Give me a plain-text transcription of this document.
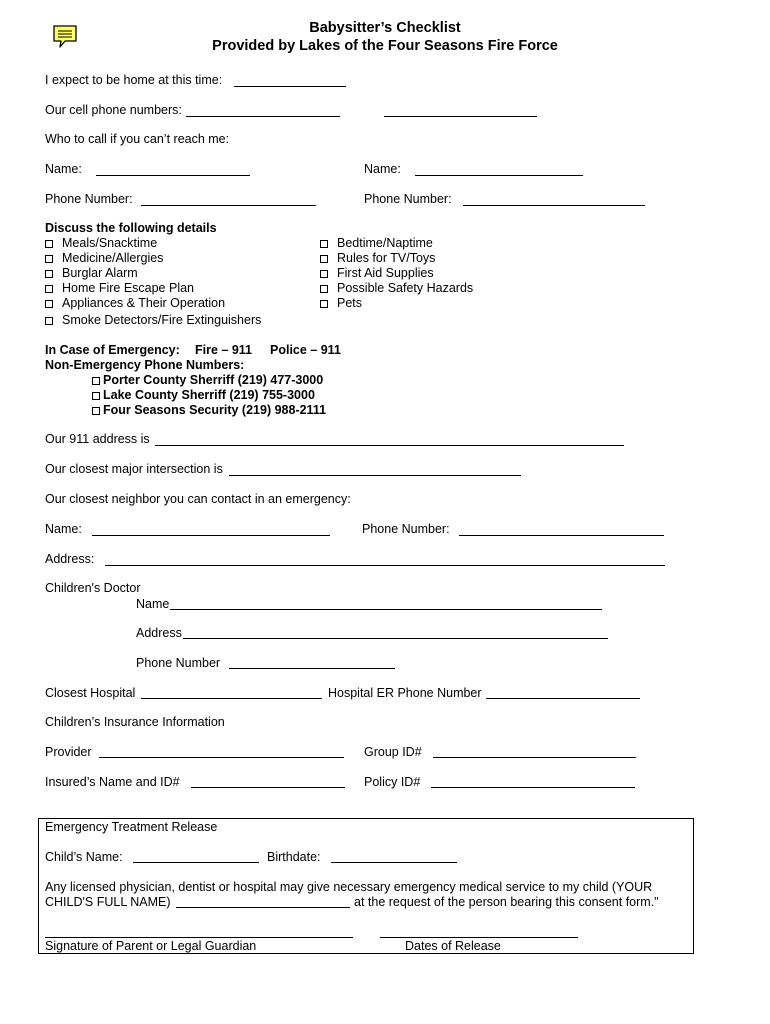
Babysitter’s Checklist
Provided by Lakes of the Four Seasons Fire Force
I expect to be home at this time:
Our cell phone numbers:
Who to call if you can’t reach me:
Name:	Name:
Phone Number:	Phone Number:
Discuss the following details
Meals/Snacktime
Medicine/Allergies
Burglar Alarm
Home Fire Escape Plan
Appliances & Their Operation
Smoke Detectors/Fire Extinguishers
Bedtime/Naptime
Rules for TV/Toys
First Aid Supplies
Possible Safety Hazards
Pets
In Case of Emergency: Fire – 911 Police – 911
Non-Emergency Phone Numbers:
Porter County Sherriff (219) 477-3000
Lake County Sherriff (219) 755-3000
Four Seasons Security (219) 988-2111
Our 911 address is
Our closest major intersection is
Our closest neighbor you can contact in an emergency:
Name:	Phone Number:
Address:
Children's Doctor
Name
Address
Phone Number
Closest Hospital	Hospital ER Phone Number
Children’s Insurance Information
Provider	Group ID#
Insured’s Name and ID#	Policy ID#
Emergency Treatment Release
Child’s Name:	Birthdate:
Any licensed physician, dentist or hospital may give necessary emergency medical service to my child (YOUR
CHILD'S FULL NAME)	at the request of the person bearing this consent form."
Signature of Parent or Legal Guardian	Dates of Release
